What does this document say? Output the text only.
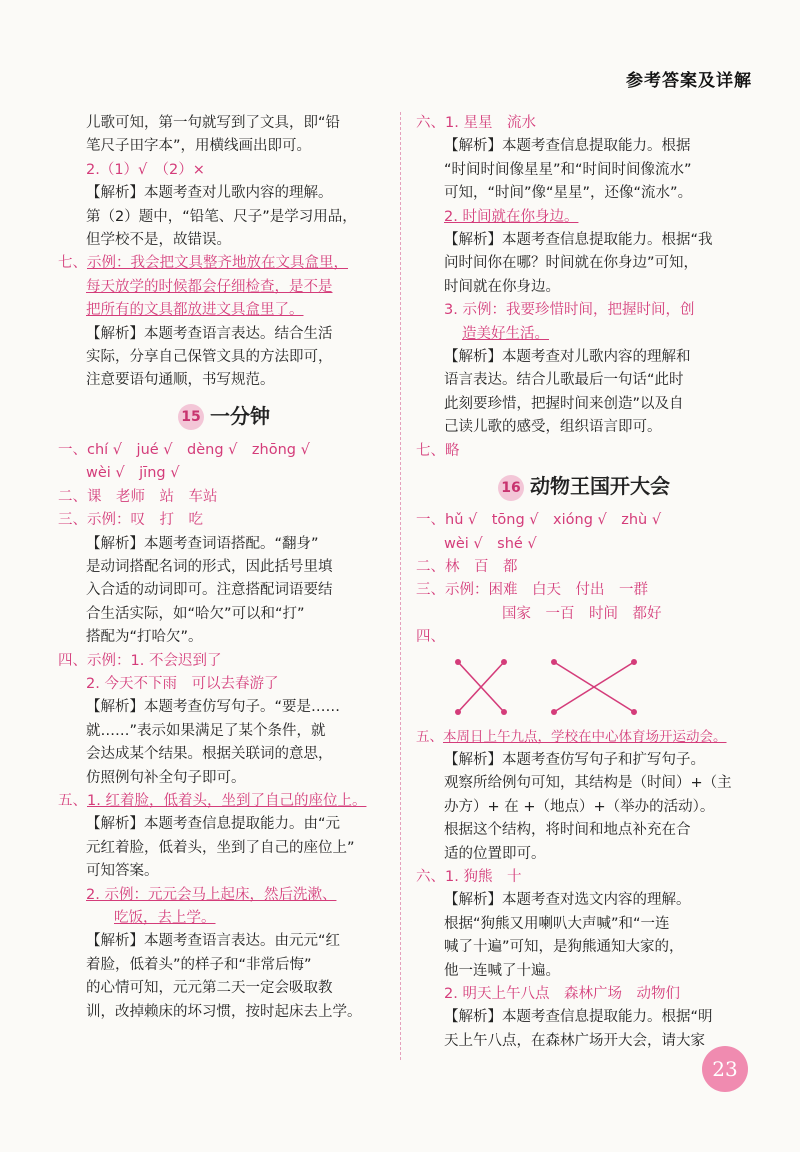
参考答案及详解

儿歌可知，第一句就写到了文具，即“铅

笔尺子田字本”，用横线画出即可。

2.（1）√　（2）×

【解析】本题考查对儿歌内容的理解。

第（2）题中，“铅笔、尺子”是学习用品，

但学校不是，故错误。

七、示例：我会把文具整齐地放在文具盒里，

每天放学的时候都会仔细检查，是不是

把所有的文具都放进文具盒里了。

【解析】本题考查语言表达。结合生活

实际，分享自己保管文具的方法即可，

注意要语句通顺，书写规范。

15 一分钟

一、chí √　jué √　dèng √　zhōng √

wèi √　jīng √

二、课　老师　站　车站

三、示例：叹　打　吃

【解析】本题考查词语搭配。“翻身”

是动词搭配名词的形式，因此括号里填

入合适的动词即可。注意搭配词语要结

合生活实际，如“哈欠”可以和“打”

搭配为“打哈欠”。

四、示例：1. 不会迟到了

2. 今天不下雨　可以去春游了

【解析】本题考查仿写句子。“要是……

就……”表示如果满足了某个条件，就

会达成某个结果。根据关联词的意思，

仿照例句补全句子即可。

五、1. 红着脸，低着头，坐到了自己的座位上。

【解析】本题考查信息提取能力。由“元

元红着脸，低着头，坐到了自己的座位上”

可知答案。

2. 示例：元元会马上起床，然后洗漱、

吃饭，去上学。

【解析】本题考查语言表达。由元元“红

着脸，低着头”的样子和“非常后悔”

的心情可知，元元第二天一定会吸取教

训，改掉赖床的坏习惯，按时起床去上学。

六、1. 星星　流水

【解析】本题考查信息提取能力。根据

“时间时间像星星”和“时间时间像流水”

可知，“时间”像“星星”，还像“流水”。

2. 时间就在你身边。

【解析】本题考查信息提取能力。根据“我

问时间你在哪？时间就在你身边”可知，

时间就在你身边。

3. 示例：我要珍惜时间，把握时间，创

造美好生活。

【解析】本题考查对儿歌内容的理解和

语言表达。结合儿歌最后一句话“此时

此刻要珍惜，把握时间来创造”以及自

己读儿歌的感受，组织语言即可。

七、略

16 动物王国开大会

一、hǔ √　tōng √　xióng √　zhù √

wèi √　shé √

二、林　百　都

三、示例：困难　白天　付出　一群

国家　一百　时间　都好

四、

五、本周日上午九点，学校在中心体育场开运动会。

【解析】本题考查仿写句子和扩写句子。

观察所给例句可知，其结构是（时间）+（主

办方）+ 在 +（地点）+（举办的活动）。

根据这个结构，将时间和地点补充在合

适的位置即可。

六、1. 狗熊　十

【解析】本题考查对选文内容的理解。

根据“狗熊又用喇叭大声喊”和“一连

喊了十遍”可知，是狗熊通知大家的，

他一连喊了十遍。

2. 明天上午八点　森林广场　动物们

【解析】本题考查信息提取能力。根据“明

天上午八点，在森林广场开大会，请大家

23
